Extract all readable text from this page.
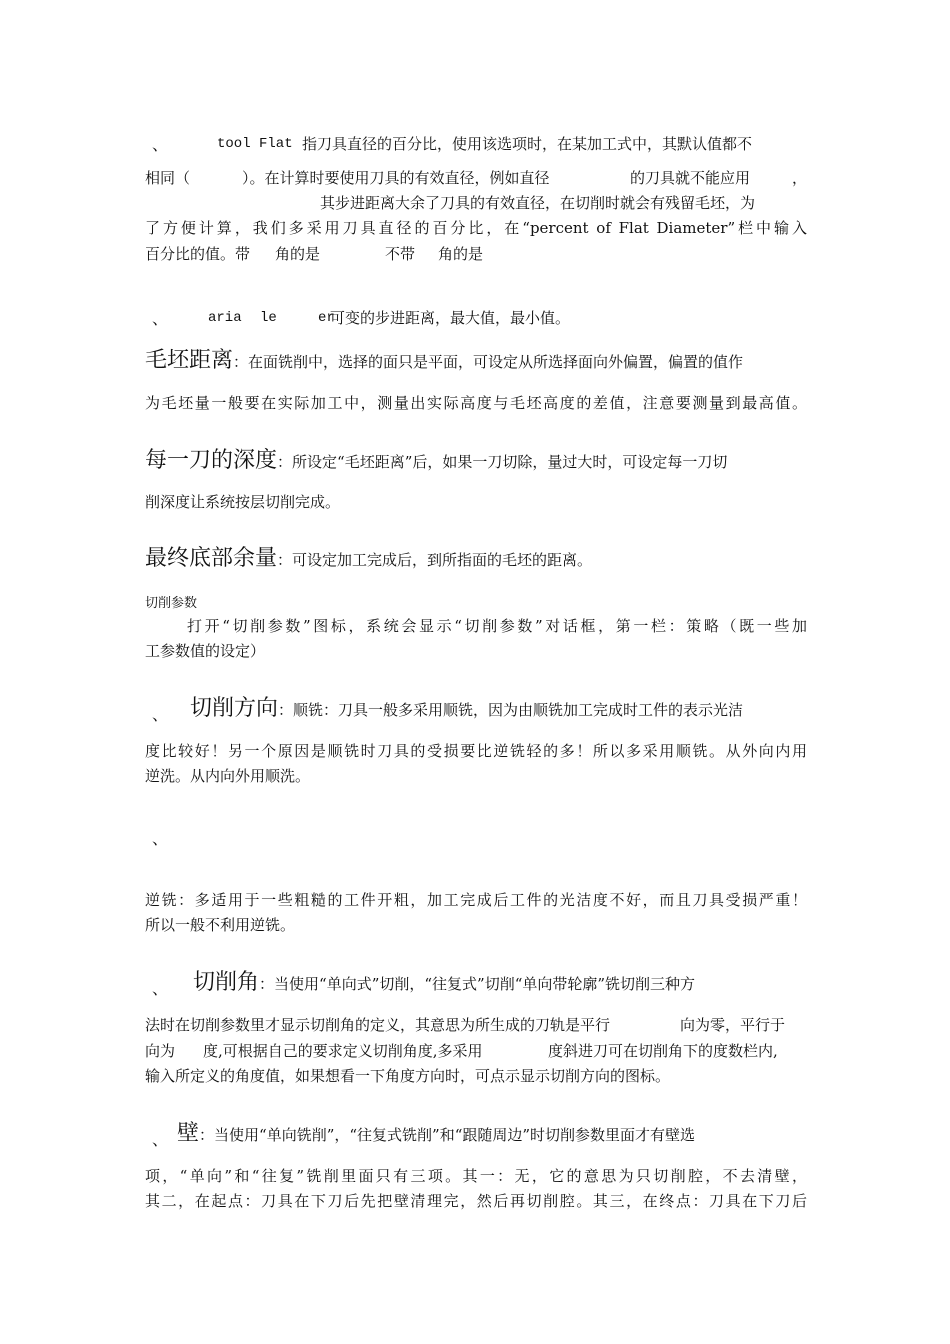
、	tool Flat 指刀具直径的百分比，使用该选项时，在某加工式中，其默认值都不
相同（	）。在计算时要使用刀具的有效直径，例如直径	的刀具就不能应用	，
其步进距离大余了刀具的有效直径，在切削时就会有残留毛坯，为
了方便计算，我们多采用刀具直径的百分比，在“percent of Flat Diameter”栏中输入
百分比的值。带 角的是	不带 角的是
、	aria le	er
可变的步进距离，最大值，最小值。
毛坯距离：在面铣削中，选择的面只是平面，可设定从所选择面向外偏置，偏置的值作
为毛坯量一般要在实际加工中，测量出实际高度与毛坯高度的差值，注意要测量到最高值。
每一刀的深度：所设定“毛坯距离”后，如果一刀切除，量过大时，可设定每一刀切
削深度让系统按层切削完成。
最终底部余量：可设定加工完成后，到所指面的毛坯的距离。
切削参数
打开“切削参数”图标，系统会显示“切削参数”对话框，第一栏：策略（既一些加
工参数值的设定）
、 切削方向：顺铣：刀具一般多采用顺铣，因为由顺铣加工完成时工件的表示光洁
度比较好！另一个原因是顺铣时刀具的受损要比逆铣轻的多！所以多采用顺铣。从外向内用
逆洗。从内向外用顺洗。
、
逆铣：多适用于一些粗糙的工件开粗，加工完成后工件的光洁度不好，而且刀具受损严重！
所以一般不利用逆铣。
、 切削角：当使用“单向式”切削，“往复式”切削“单向带轮廓”铣切削三种方
法时在切削参数里才显示切削角的定义，其意思为所生成的刀轨是平行	向为零，平行于
向为 度,可根据自己的要求定义切削角度,多采用	度斜进刀可在切削角下的度数栏内,
输入所定义的角度值，如果想看一下角度方向时，可点示显示切削方向的图标。
、 壁：当使用“单向铣削”，“往复式铣削”和“跟随周边”时切削参数里面才有壁选
项，“单向”和“往复”铣削里面只有三项。其一：无，它的意思为只切削腔，不去清壁，
其二，在起点：刀具在下刀后先把壁清理完，然后再切削腔。其三，在终点：刀具在下刀后
